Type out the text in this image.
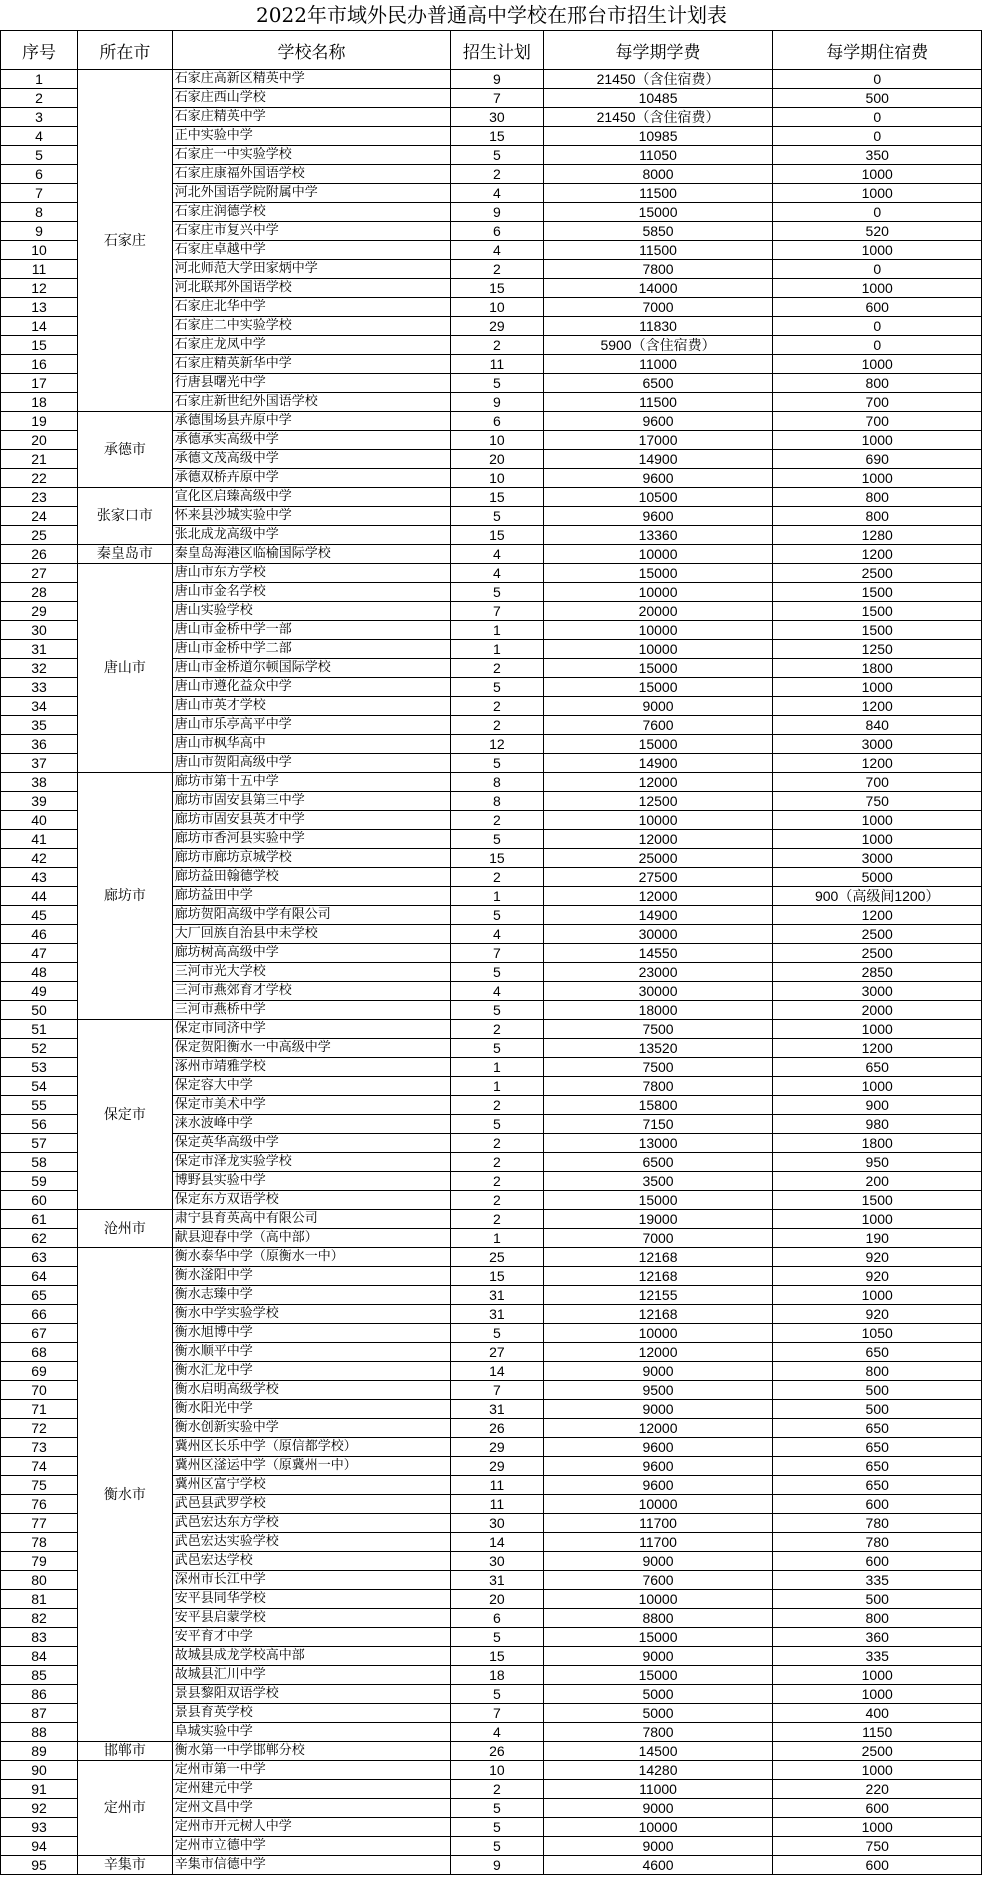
2022年市域外民办普通高中学校在邢台市招生计划表
序号	所在市	学校名称	招生计划	每学期学费	每学期住宿费
1	石家庄	石家庄高新区精英中学	9	21450（含住宿费）	0
2		石家庄西山学校	7	10485	500
3		石家庄精英中学	30	21450（含住宿费）	0
4		正中实验中学	15	10985	0
5		石家庄一中实验学校	5	11050	350
6		石家庄康福外国语学校	2	8000	1000
7		河北外国语学院附属中学	4	11500	1000
8		石家庄润德学校	9	15000	0
9		石家庄市复兴中学	6	5850	520
10		石家庄卓越中学	4	11500	1000
11		河北师范大学田家炳中学	2	7800	0
12		河北联邦外国语学校	15	14000	1000
13		石家庄北华中学	10	7000	600
14		石家庄二中实验学校	29	11830	0
15		石家庄龙凤中学	2	5900（含住宿费）	0
16		石家庄精英新华中学	11	11000	1000
17		行唐县曙光中学	5	6500	800
18		石家庄新世纪外国语学校	9	11500	700
19	承德市	承德围场县卉原中学	6	9600	700
20		承德承实高级中学	10	17000	1000
21		承德文茂高级中学	20	14900	690
22		承德双桥卉原中学	10	9600	1000
23	张家口市	宣化区启臻高级中学	15	10500	800
24		怀来县沙城实验中学	5	9600	800
25		张北成龙高级中学	15	13360	1280
26	秦皇岛市	秦皇岛海港区临榆国际学校	4	10000	1200
27	唐山市	唐山市东方学校	4	15000	2500
28		唐山市金名学校	5	10000	1500
29		唐山实验学校	7	20000	1500
30		唐山市金桥中学一部	1	10000	1500
31		唐山市金桥中学二部	1	10000	1250
32		唐山市金桥道尔顿国际学校	2	15000	1800
33		唐山市遵化益众中学	5	15000	1000
34		唐山市英才学校	2	9000	1200
35		唐山市乐亭高平中学	2	7600	840
36		唐山市枫华高中	12	15000	3000
37		唐山市贺阳高级中学	5	14900	1200
38	廊坊市	廊坊市第十五中学	8	12000	700
39		廊坊市固安县第三中学	8	12500	750
40		廊坊市固安县英才中学	2	10000	1000
41		廊坊市香河县实验中学	5	12000	1000
42		廊坊市廊坊京城学校	15	25000	3000
43		廊坊益田翰德学校	2	27500	5000
44		廊坊益田中学	1	12000	900（高级间1200）
45		廊坊贺阳高级中学有限公司	5	14900	1200
46		大厂回族自治县中未学校	4	30000	2500
47		廊坊树高高级中学	7	14550	2500
48		三河市光大学校	5	23000	2850
49		三河市燕郊育才学校	4	30000	3000
50		三河市燕桥中学	5	18000	2000
51	保定市	保定市同济中学	2	7500	1000
52		保定贺阳衡水一中高级中学	5	13520	1200
53		涿州市靖雅学校	1	7500	650
54		保定容大中学	1	7800	1000
55		保定市美术中学	2	15800	900
56		涞水波峰中学	5	7150	980
57		保定英华高级中学	2	13000	1800
58		保定市泽龙实验学校	2	6500	950
59		博野县实验中学	2	3500	200
60		保定东方双语学校	2	15000	1500
61	沧州市	肃宁县育英高中有限公司	2	19000	1000
62		献县迎春中学（高中部）	1	7000	190
63	衡水市	衡水泰华中学（原衡水一中）	25	12168	920
64		衡水滏阳中学	15	12168	920
65		衡水志臻中学	31	12155	1000
66		衡水中学实验学校	31	12168	920
67		衡水旭博中学	5	10000	1050
68		衡水顺平中学	27	12000	650
69		衡水汇龙中学	14	9000	800
70		衡水启明高级学校	7	9500	500
71		衡水阳光中学	31	9000	500
72		衡水创新实验中学	26	12000	650
73		冀州区长乐中学（原信都学校）	29	9600	650
74		冀州区滏运中学（原冀州一中）	29	9600	650
75		冀州区富宁学校	11	9600	650
76		武邑县武罗学校	11	10000	600
77		武邑宏达东方学校	30	11700	780
78		武邑宏达实验学校	14	11700	780
79		武邑宏达学校	30	9000	600
80		深州市长江中学	31	7600	335
81		安平县同华学校	20	10000	500
82		安平县启蒙学校	6	8800	800
83		安平育才中学	5	15000	360
84		故城县成龙学校高中部	15	9000	335
85		故城县汇川中学	18	15000	1000
86		景县黎阳双语学校	5	5000	1000
87		景县育英学校	7	5000	400
88		阜城实验中学	4	7800	1150
89	邯郸市	衡水第一中学邯郸分校	26	14500	2500
90	定州市	定州市第一中学	10	14280	1000
91		定州建元中学	2	11000	220
92		定州文昌中学	5	9000	600
93		定州市开元树人中学	5	10000	1000
94		定州市立德中学	5	9000	750
95	辛集市	辛集市信德中学	9	4600	600
